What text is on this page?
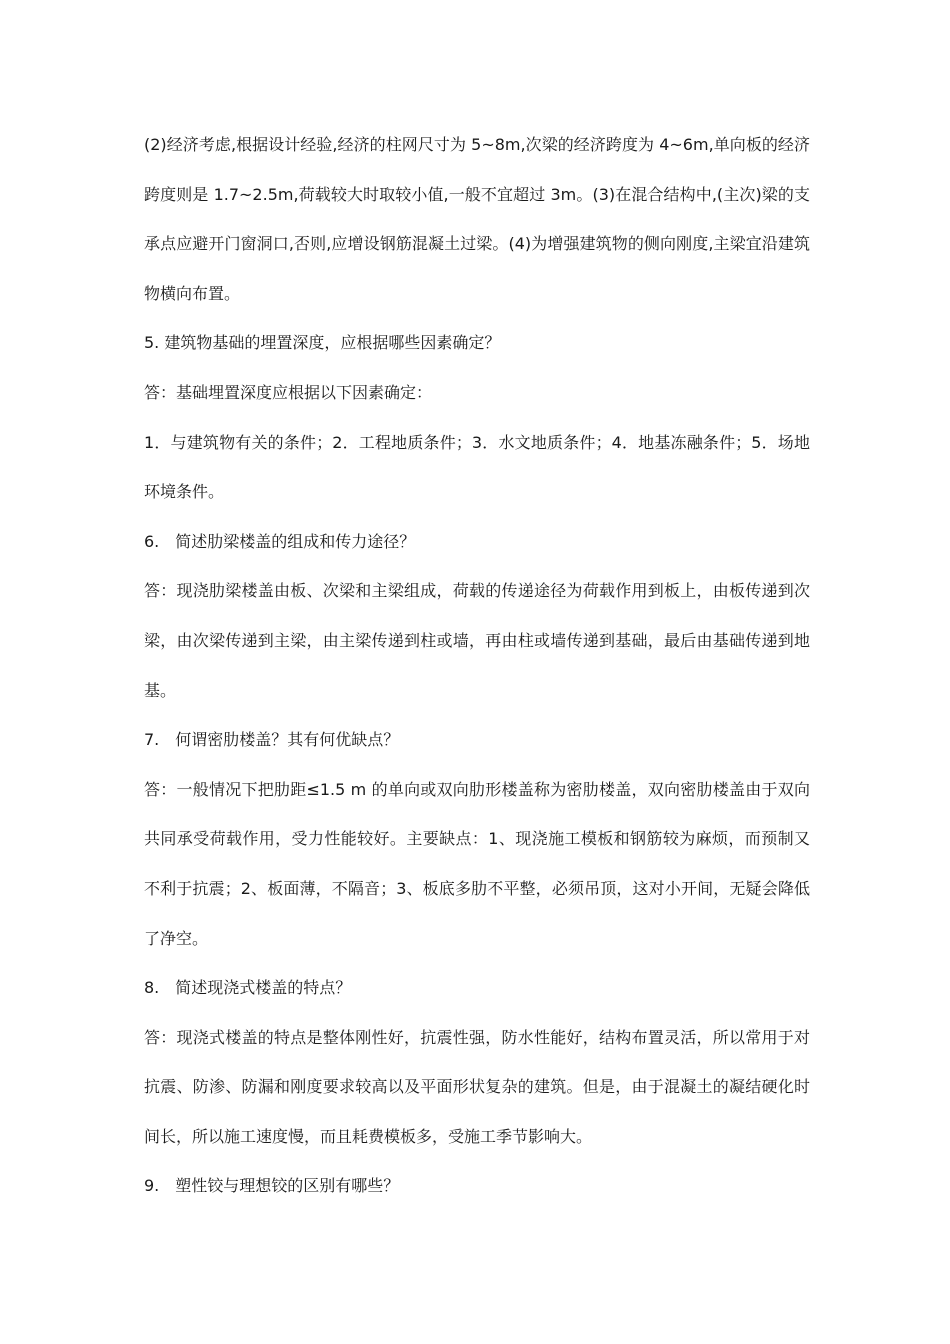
(2)经济考虑,根据设计经验,经济的柱网尺寸为 5~8m,次梁的经济跨度为 4~6m,单向板的经济跨度则是 1.7~2.5m,荷载较大时取较小值,一般不宜超过 3m。(3)在混合结构中,(主次)梁的支承点应避开门窗洞口,否则,应增设钢筋混凝土过梁。(4)为增强建筑物的侧向刚度,主梁宜沿建筑物横向布置。

5. 建筑物基础的埋置深度，应根据哪些因素确定？

答：基础埋置深度应根据以下因素确定：

1．与建筑物有关的条件；2．工程地质条件；3．水文地质条件；4．地基冻融条件；5．场地环境条件。

6.　简述肋梁楼盖的组成和传力途径？

答：现浇肋梁楼盖由板、次梁和主梁组成，荷载的传递途径为荷载作用到板上，由板传递到次梁，由次梁传递到主梁，由主梁传递到柱或墙，再由柱或墙传递到基础，最后由基础传递到地基。

7.　何谓密肋楼盖？其有何优缺点？

答：一般情况下把肋距≤1.5 m 的单向或双向肋形楼盖称为密肋楼盖，双向密肋楼盖由于双向共同承受荷载作用，受力性能较好。主要缺点：1、现浇施工模板和钢筋较为麻烦，而预制又不利于抗震；2、板面薄，不隔音；3、板底多肋不平整，必须吊顶，这对小开间，无疑会降低了净空。

8.　简述现浇式楼盖的特点？

答：现浇式楼盖的特点是整体刚性好，抗震性强，防水性能好，结构布置灵活，所以常用于对抗震、防渗、防漏和刚度要求较高以及平面形状复杂的建筑。但是，由于混凝土的凝结硬化时间长，所以施工速度慢，而且耗费模板多，受施工季节影响大。

9.　塑性铰与理想铰的区别有哪些？
